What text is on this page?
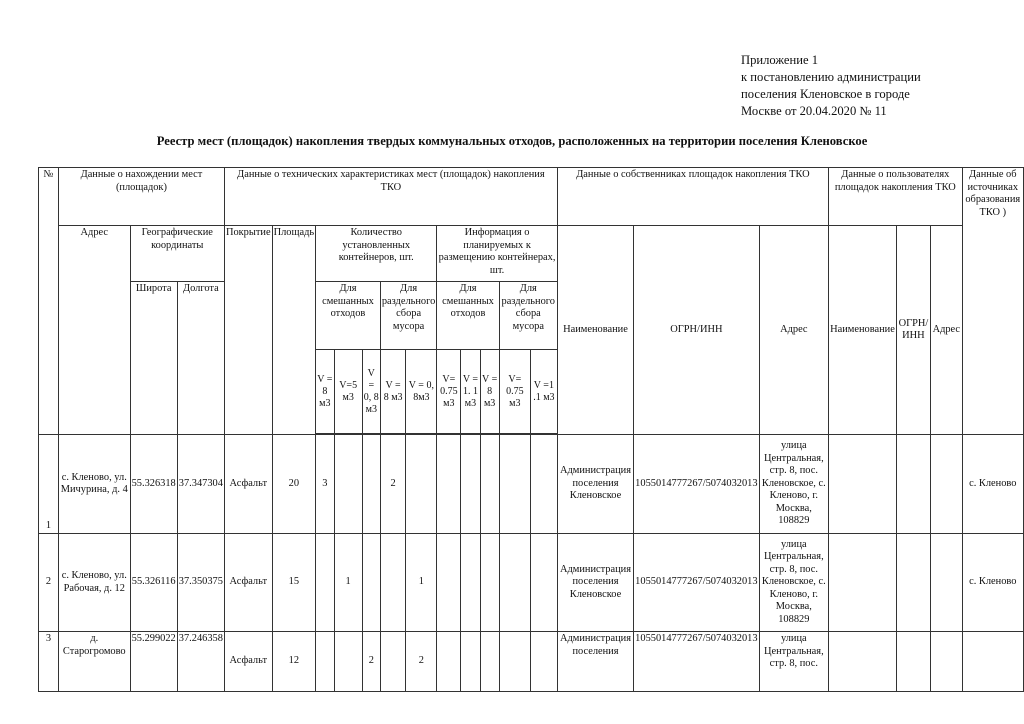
Приложение 1
к постановлению администрации
поселения Кленовское в городе
Москве от 20.04.2020 № 11
Реестр мест (площадок) накопления твердых коммунальных отходов, расположенных на территории поселения Кленовское
№	Данные о нахождении мест (площадок)			Данные о технических характеристиках мест (площадок) накопления ТКО												Данные о собственниках площадок накопления ТКО			Данные о пользователях площадок накопления ТКО			Данные об источниках образования ТКО )
	Адрес	Географические координаты		Покрытие	Площадь	Количество установленных контейнеров, шт.					Информация о планируемых к размещению контейнерах, шт.					Наименование	ОГРН/ИНН	Адрес	Наименование	ОГРН/ИНН	Адрес	
		Широта	Долгота			Для смешанных отходов			Для раздельного сбора мусора		Для смешанных отходов			Для раздельного сбора мусора								
						V = 8 м3	V=5 м3	V = 0, 8 м3	V = 8 м3	V = 0, 8м3	V= 0.75 м3	V = 1. 1 м3	V = 8 м3	V= 0.75 м3	V =1 .1 м3							

1	с. Кленово, ул. Мичурина, д. 4	55.326318	37.347304	Асфальт	20	3			2							Администрация поселения Кленовское	1055014777267/5074032013	улица Центральная, стр. 8, пос. Кленовское, с. Кленово, г. Москва, 108829				с. Кленово
2	с. Кленово, ул. Рабочая, д. 12	55.326116	37.350375	Асфальт	15		1			1						Администрация поселения Кленовское	1055014777267/5074032013	улица Центральная, стр. 8, пос. Кленовское, с. Кленово, г. Москва, 108829				с. Кленово
3	д. Старогромово	55.299022	37.246358	Асфальт	12			2		2						Администрация поселения	1055014777267/5074032013	улица Центральная, стр. 8, пос.				
